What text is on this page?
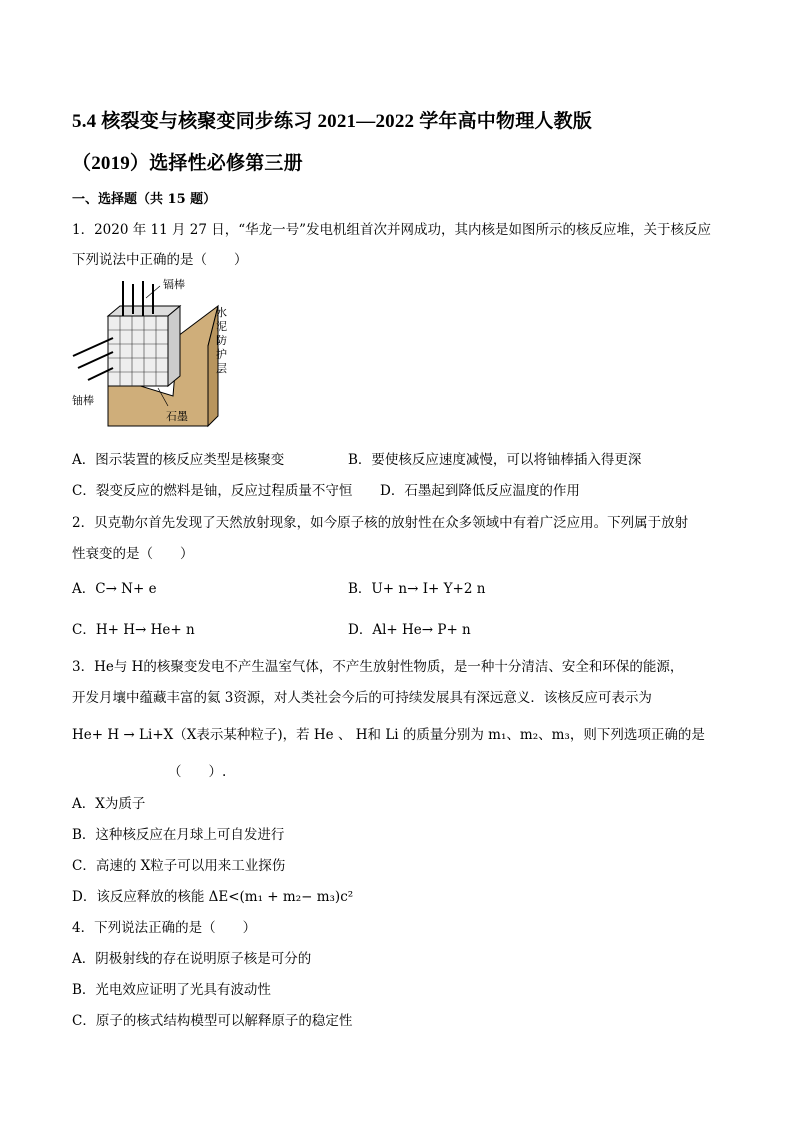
5.4 核裂变与核聚变同步练习 2021—2022 学年高中物理人教版
（2019）选择性必修第三册
一、选择题（共 15 题）
1．2020 年 11 月 27 日，“华龙一号”发电机组首次并网成功，其内核是如图所示的核反应堆，关于核反应
下列说法中正确的是（　　）
镉棒
水
泥
防
护
层
铀棒
石墨
A．图示装置的核反应类型是核聚变	B．要使核反应速度减慢，可以将铀棒插入得更深
C．裂变反应的燃料是铀，反应过程质量不守恒 D．石墨起到降低反应温度的作用
2．贝克勒尔首先发现了天然放射现象，如今原子核的放射性在众多领域中有着广泛应用。下列属于放射
性衰变的是（　　）
A．C→ N+ e	B．U+ n→ I+ Y+2 n
C．H+ H→ He+ n	D．Al+ He→ P+ n
3．He与 H的核聚变发电不产生温室气体，不产生放射性物质，是一种十分清洁、安全和环保的能源，
开发月壤中蕴藏丰富的氦 3资源，对人类社会今后的可持续发展具有深远意义．该核反应可表示为
He+ H → Li+X（X表示某种粒子)，若 He 、 H和 Li 的质量分别为 m₁、m₂、m₃，则下列选项正确的是
（　　）.
A．X为质子
B．这种核反应在月球上可自发进行
C．高速的 X粒子可以用来工业探伤
D．该反应释放的核能 ΔE<(m₁ + m₂− m₃)c²
4．下列说法正确的是（　　）
A．阴极射线的存在说明原子核是可分的
B．光电效应证明了光具有波动性
C．原子的核式结构模型可以解释原子的稳定性
